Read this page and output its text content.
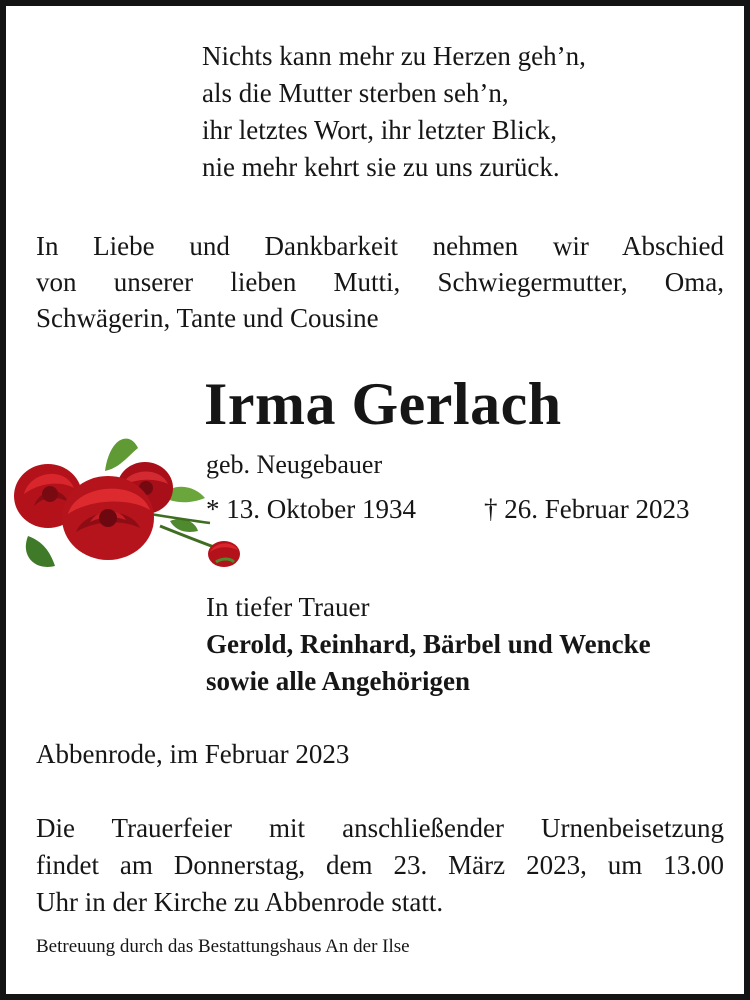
Nichts kann mehr zu Herzen geh’n,
als die Mutter sterben seh’n,
ihr letztes Wort, ihr letzter Blick,
nie mehr kehrt sie zu uns zurück.
In Liebe und Dankbarkeit nehmen wir Abschied
von unserer lieben Mutti, Schwiegermutter, Oma,
Schwägerin, Tante und Cousine
Irma Gerlach
geb. Neugebauer
* 13. Oktober 1934	† 26. Februar 2023
In tiefer Trauer
Gerold, Reinhard, Bärbel und Wencke
sowie alle Angehörigen
Abbenrode, im Februar 2023
Die Trauerfeier mit anschließender Urnenbeisetzung
findet am Donnerstag, dem 23. März 2023, um 13.00
Uhr in der Kirche zu Abbenrode statt.
Betreuung durch das Bestattungshaus An der Ilse
